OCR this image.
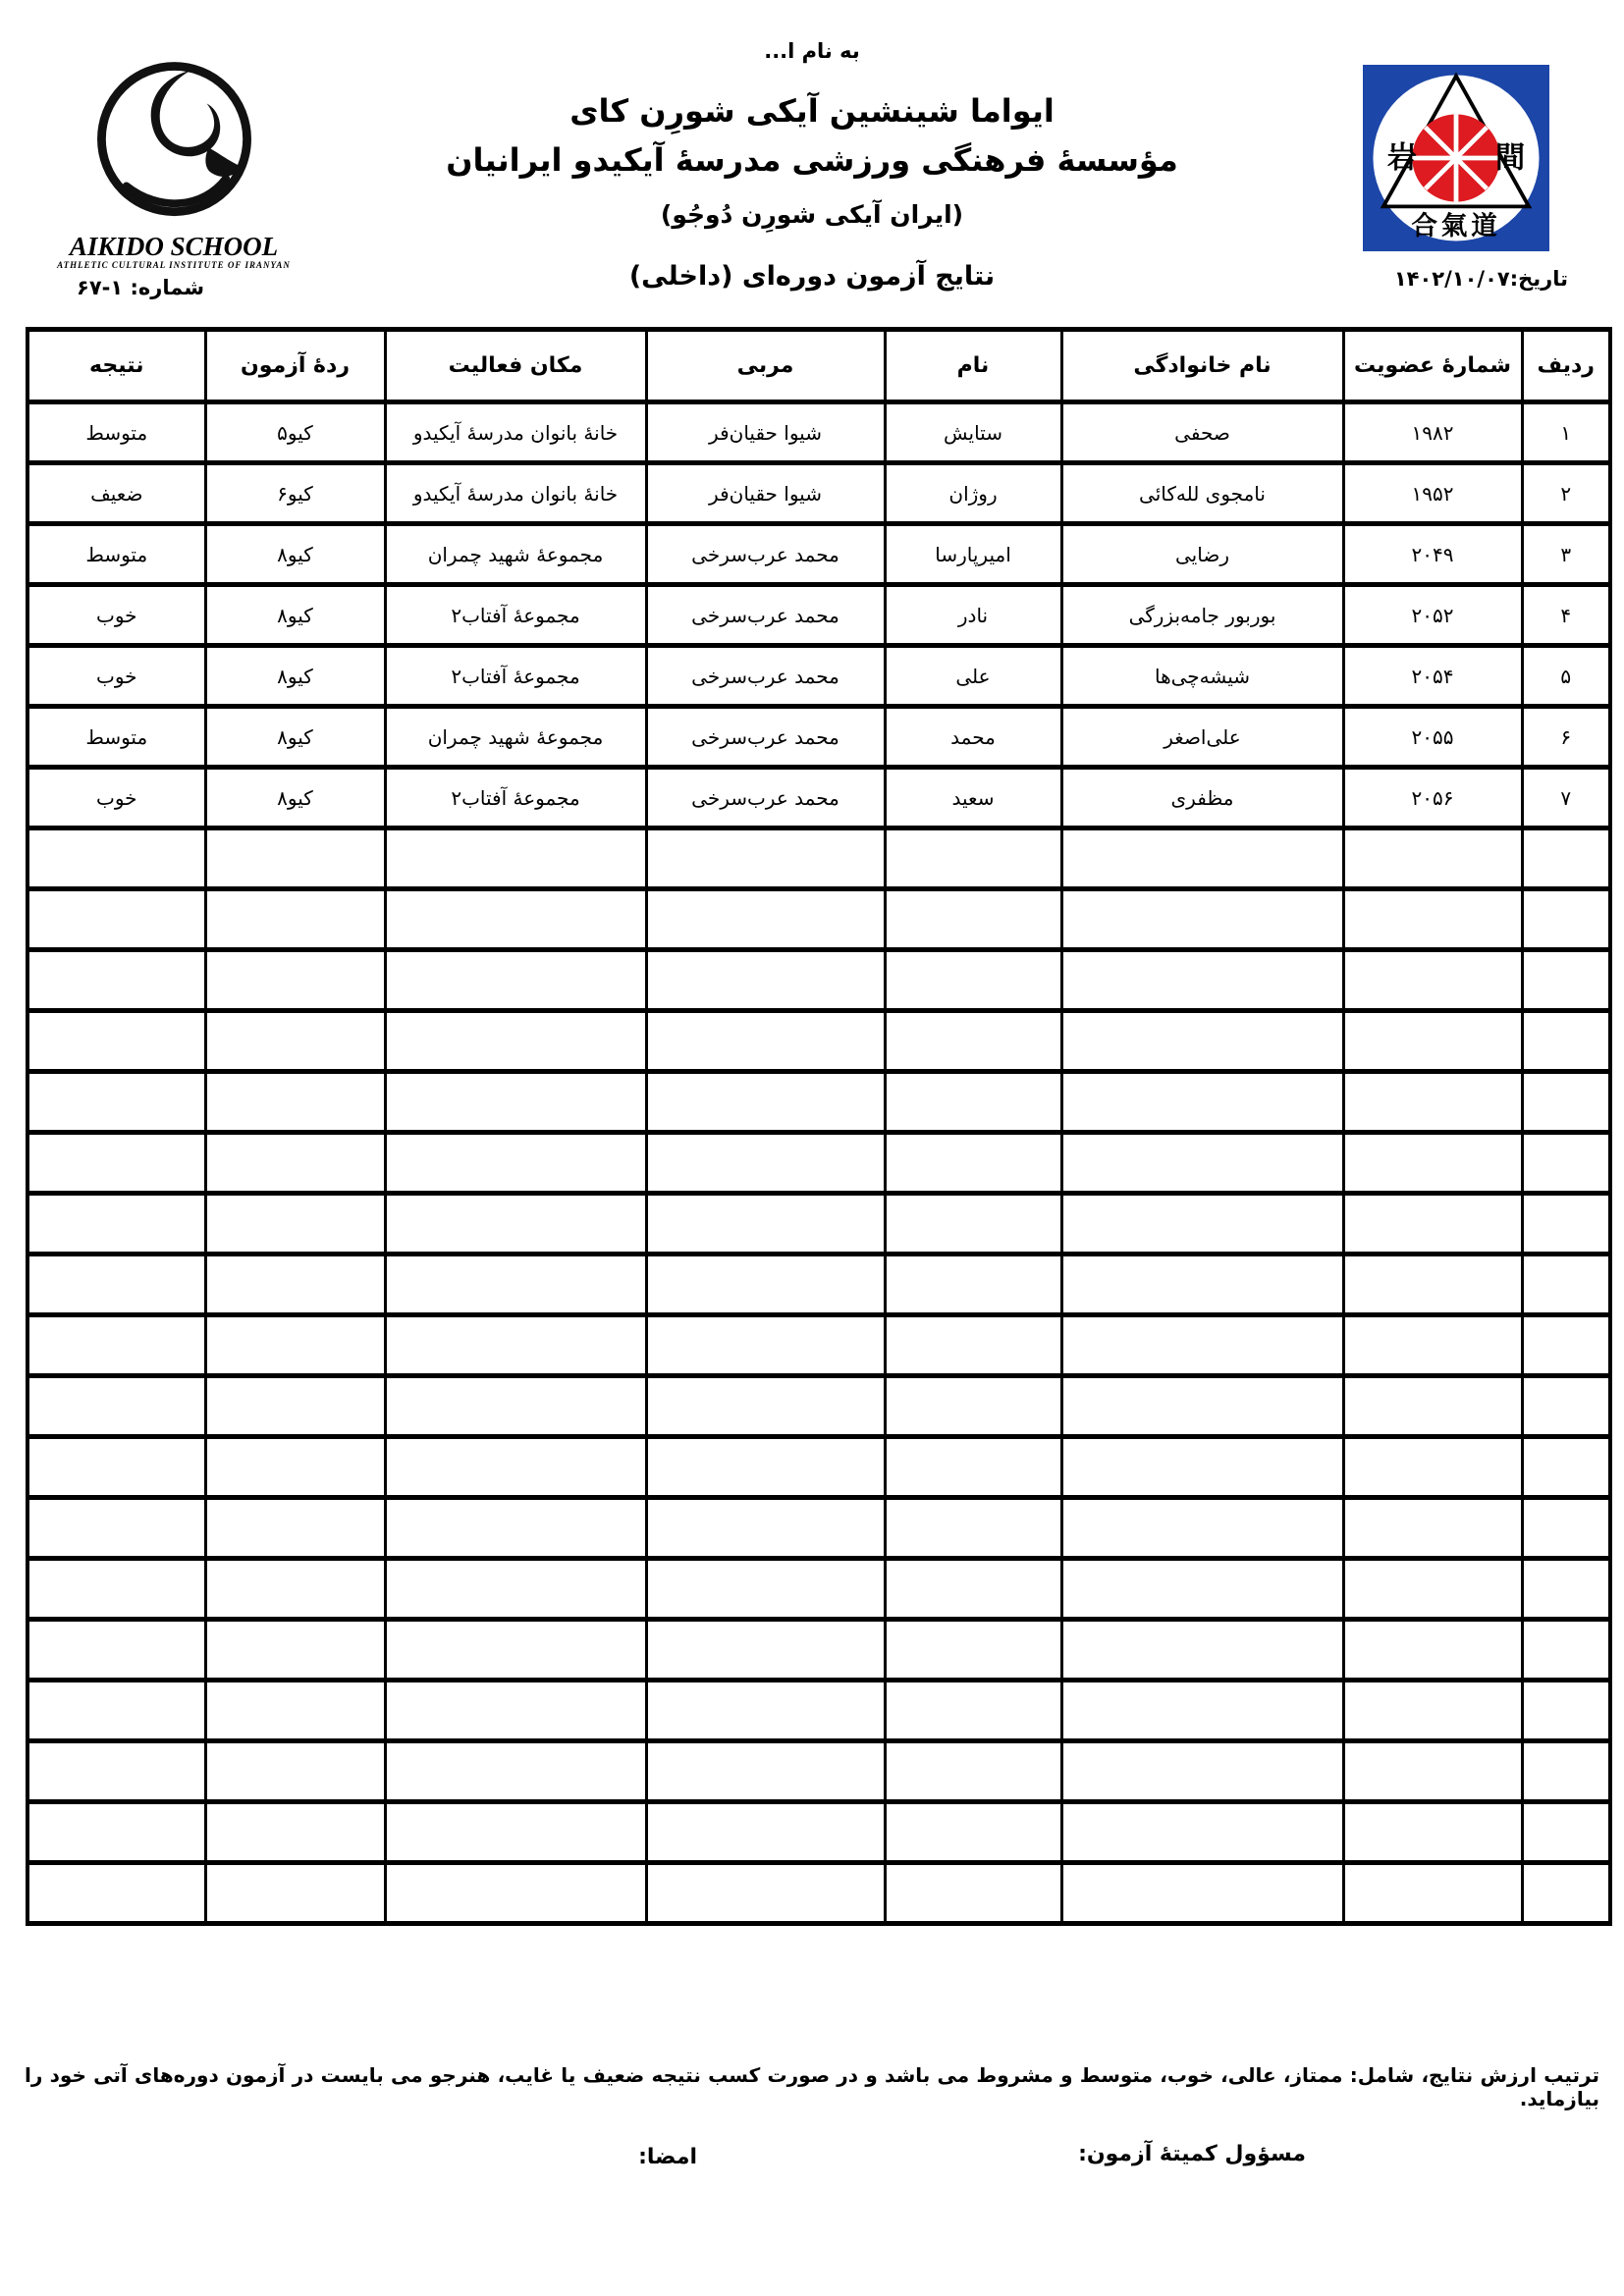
به نام ا...
ایواما شینشین آیکی شورِن کای
مؤسسهٔ فرهنگی ورزشی مدرسهٔ آیکیدو ایرانیان
(ایران آیکی شورِن دُوجُو)
نتایج آزمون دوره‌ای (داخلی)
AIKIDO SCHOOL
ATHLETIC CULTURAL INSTITUTE OF IRANYAN
شماره: ۱-۶۷
岩 間
合氣道
تاریخ:۱۴۰۲/۱۰/۰۷
ردیف	شمارهٔ عضویت	نام خانوادگی	نام	مربی	مکان فعالیت	ردهٔ آزمون	نتیجه
۱	۱۹۸۲	صحفی	ستایش	شیوا حقیان‌فر	خانهٔ بانوان مدرسهٔ آیکیدو	کیو۵	متوسط
۲	۱۹۵۲	نامجوی لله‌کائی	روژان	شیوا حقیان‌فر	خانهٔ بانوان مدرسهٔ آیکیدو	کیو۶	ضعیف
۳	۲۰۴۹	رضایی	امیرپارسا	محمد عرب‌سرخی	مجموعهٔ شهید چمران	کیو۸	متوسط
۴	۲۰۵۲	بوربور جامه‌بزرگی	نادر	محمد عرب‌سرخی	مجموعهٔ آفتاب۲	کیو۸	خوب
۵	۲۰۵۴	شیشه‌چی‌ها	علی	محمد عرب‌سرخی	مجموعهٔ آفتاب۲	کیو۸	خوب
۶	۲۰۵۵	علی‌اصغر	محمد	محمد عرب‌سرخی	مجموعهٔ شهید چمران	کیو۸	متوسط
۷	۲۰۵۶	مظفری	سعید	محمد عرب‌سرخی	مجموعهٔ آفتاب۲	کیو۸	خوب

ترتیب ارزش نتایج، شامل: ممتاز، عالی، خوب، متوسط و مشروط می باشد و در صورت کسب نتیجه ضعیف یا غایب، هنرجو می بایست در آزمون دوره‌های آتی خود را بیازماید.
مسؤول کمیتهٔ آزمون:
امضا:
